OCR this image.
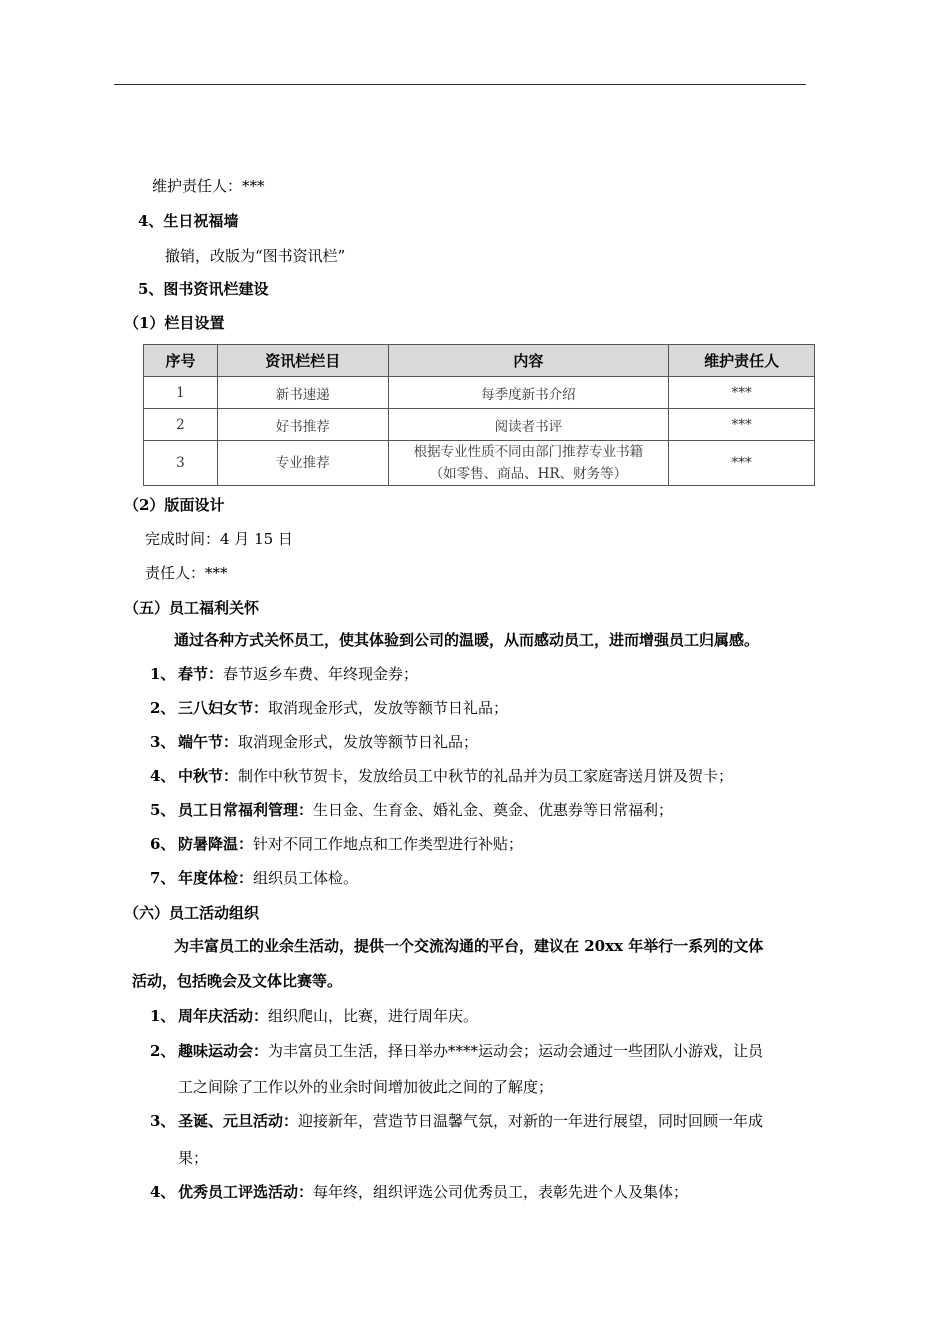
维护责任人：***
4、生日祝福墙
撤销，改版为“图书资讯栏”
5、图书资讯栏建设
（1）栏目设置
序号	资讯栏栏目	内容	维护责任人
1	新书速递	每季度新书介绍	***
2	好书推荐	阅读者书评	***
3	专业推荐	根据专业性质不同由部门推荐专业书籍
（如零售、商品、HR、财务等）	***
（2）版面设计
完成时间：4 月 15 日
责任人：***
（五）员工福利关怀
通过各种方式关怀员工，使其体验到公司的温暖，从而感动员工，进而增强员工归属感。
1、 春节：春节返乡车费、年终现金券；
2、 三八妇女节：取消现金形式，发放等额节日礼品；
3、 端午节：取消现金形式，发放等额节日礼品；
4、 中秋节：制作中秋节贺卡，发放给员工中秋节的礼品并为员工家庭寄送月饼及贺卡；
5、 员工日常福利管理：生日金、生育金、婚礼金、奠金、优惠券等日常福利；
6、 防暑降温：针对不同工作地点和工作类型进行补贴；
7、 年度体检：组织员工体检。
（六）员工活动组织
为丰富员工的业余生活动，提供一个交流沟通的平台，建议在 20xx 年举行一系列的文体
活动，包括晚会及文体比赛等。
1、 周年庆活动：组织爬山，比赛，进行周年庆。
2、 趣味运动会：为丰富员工生活，择日举办****运动会；运动会通过一些团队小游戏，让员
工之间除了工作以外的业余时间增加彼此之间的了解度；
3、 圣诞、元旦活动：迎接新年，营造节日温馨气氛，对新的一年进行展望，同时回顾一年成
果；
4、 优秀员工评选活动：每年终，组织评选公司优秀员工，表彰先进个人及集体；
